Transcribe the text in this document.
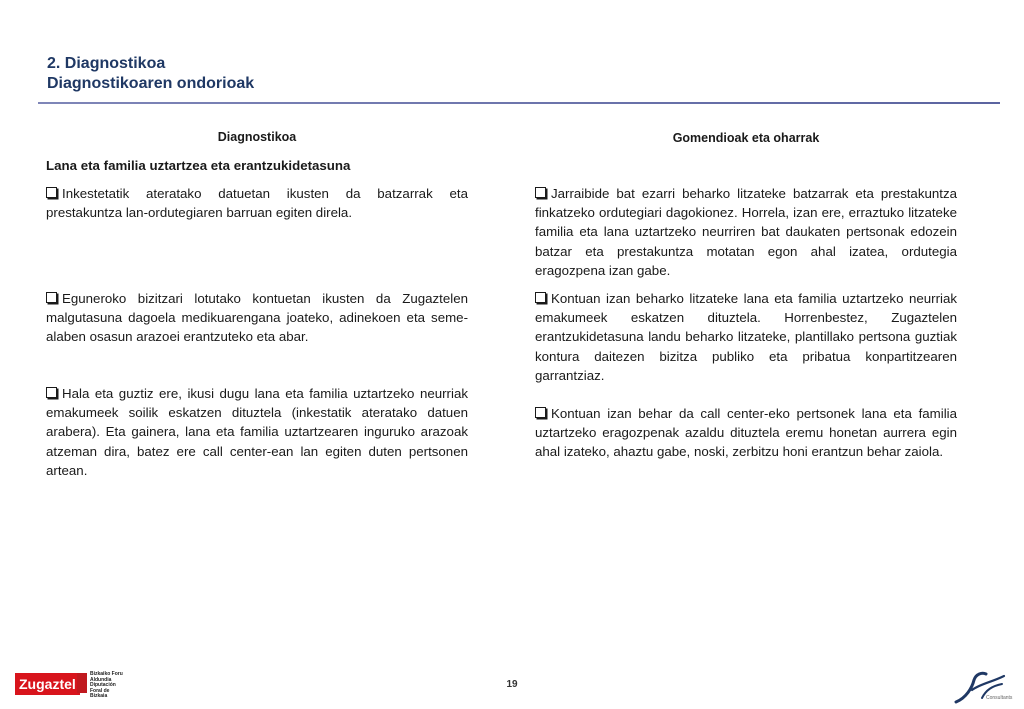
2. Diagnostikoa
Diagnostikoaren ondorioak
Diagnostikoa
Lana eta familia uztartzea eta erantzukidetasuna
Inkestetatik ateratako datuetan ikusten da batzarrak eta prestakuntza lan-ordutegiaren barruan egiten direla.
Eguneroko bizitzari lotutako kontuetan ikusten da Zugaztelen malgutasuna dagoela medikuarengana joateko, adinekoen eta seme-alaben osasun arazoei erantzuteko eta abar.
Hala eta guztiz ere, ikusi dugu lana eta familia uztartzeko neurriak emakumeek soilik eskatzen dituztela (inkestatik ateratako datuen arabera). Eta gainera, lana eta familia uztartzearen inguruko arazoak atzeman dira, batez ere call center-ean lan egiten duten pertsonen artean.
Gomendioak eta oharrak
Jarraibide bat ezarri beharko litzateke batzarrak eta prestakuntza finkatzeko ordutegiari dagokionez. Horrela, izan ere, erraztuko litzateke familia eta lana uztartzeko neurriren bat daukaten pertsonak edozein batzar eta prestakuntza motatan egon ahal izatea, ordutegia eragozpena izan gabe.
Kontuan izan beharko litzateke lana eta familia uztartzeko neurriak emakumeek eskatzen dituztela. Horrenbestez, Zugaztelen erantzukidetasuna landu beharko litzateke, plantillako pertsona guztiak kontura daitezen bizitza publiko eta pribatua konpartitzearen garrantziaz.
Kontuan izan behar da call center-eko pertsonek lana eta familia uztartzeko eragozpenak azaldu dituztela eremu honetan aurrera egin ahal izateko, ahaztu gabe, noski, zerbitzu honi erantzun behar zaiola.
19
Zugaztel
Bizkaiko Foru
Aldundia
Diputación
Foral de Bizkaia	Consultants
